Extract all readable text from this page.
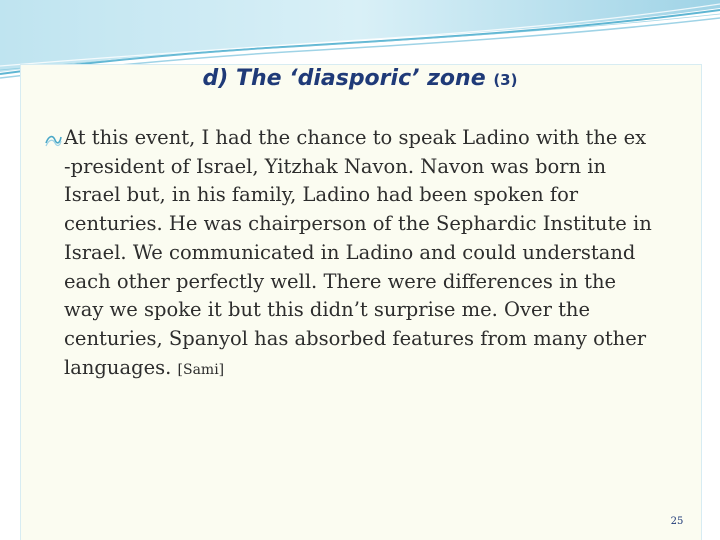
d) The ‘diasporic’ zone (3)

At this event, I had the chance to speak Ladino with the ex
-president of Israel, Yitzhak Navon. Navon was born in
Israel but, in his family, Ladino had been spoken for
centuries. He was chairperson of the Sephardic Institute in
Israel. We communicated in Ladino and could understand
each other perfectly well. There were differences in the
way we spoke it but this didn’t surprise me. Over the
centuries, Spanyol has absorbed features from many other
languages. [Sami]

25
